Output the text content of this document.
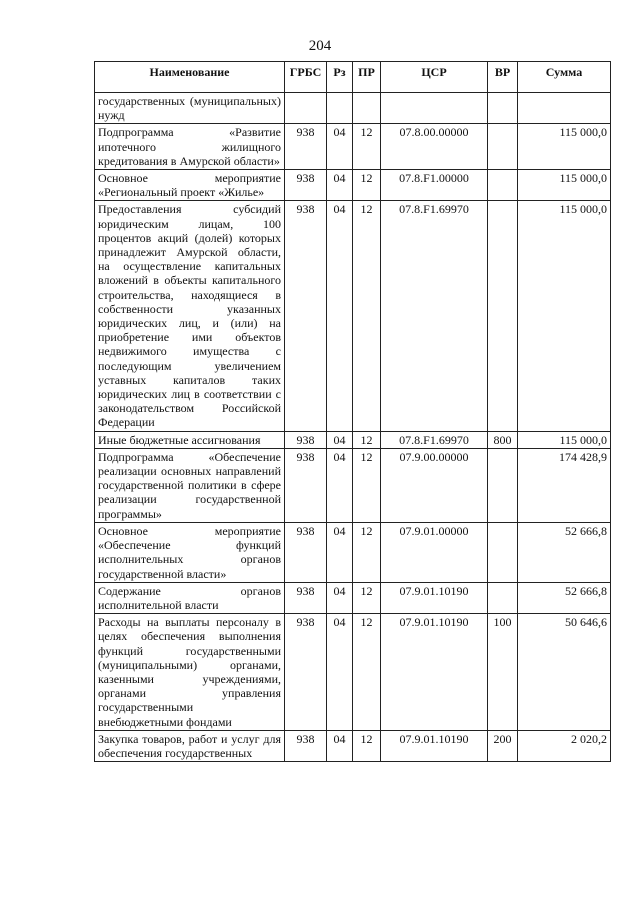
204
Наименование	ГРБС	Рз	ПР	ЦСР	ВР	Сумма
государственных (муниципальных) нужд						
Подпрограмма «Развитие ипотечного жилищного кредитования в Амурской области»	938	04	12	07.8.00.00000		115 000,0
Основное мероприятие «Региональный проект «Жилье»	938	04	12	07.8.F1.00000		115 000,0
Предоставления субсидий юридическим лицам, 100 процентов акций (долей) которых принадлежит Амурской области, на осуществление капитальных вложений в объекты капитального строительства, находящиеся в собственности указанных юридических лиц, и (или) на приобретение ими объектов недвижимого имущества с последующим увеличением уставных капиталов таких юридических лиц в соответствии с законодательством Российской Федерации	938	04	12	07.8.F1.69970		115 000,0
Иные бюджетные ассигнования	938	04	12	07.8.F1.69970	800	115 000,0
Подпрограмма «Обеспечение реализации основных направлений государственной политики в сфере реализации государственной программы»	938	04	12	07.9.00.00000		174 428,9
Основное мероприятие «Обеспечение функций исполнительных органов государственной власти»	938	04	12	07.9.01.00000		52 666,8
Содержание органов исполнительной власти	938	04	12	07.9.01.10190		52 666,8
Расходы на выплаты персоналу в целях обеспечения выполнения функций государственными (муниципальными) органами, казенными учреждениями, органами управления государственными внебюджетными фондами	938	04	12	07.9.01.10190	100	50 646,6
Закупка товаров, работ и услуг для обеспечения государственных	938	04	12	07.9.01.10190	200	2 020,2
